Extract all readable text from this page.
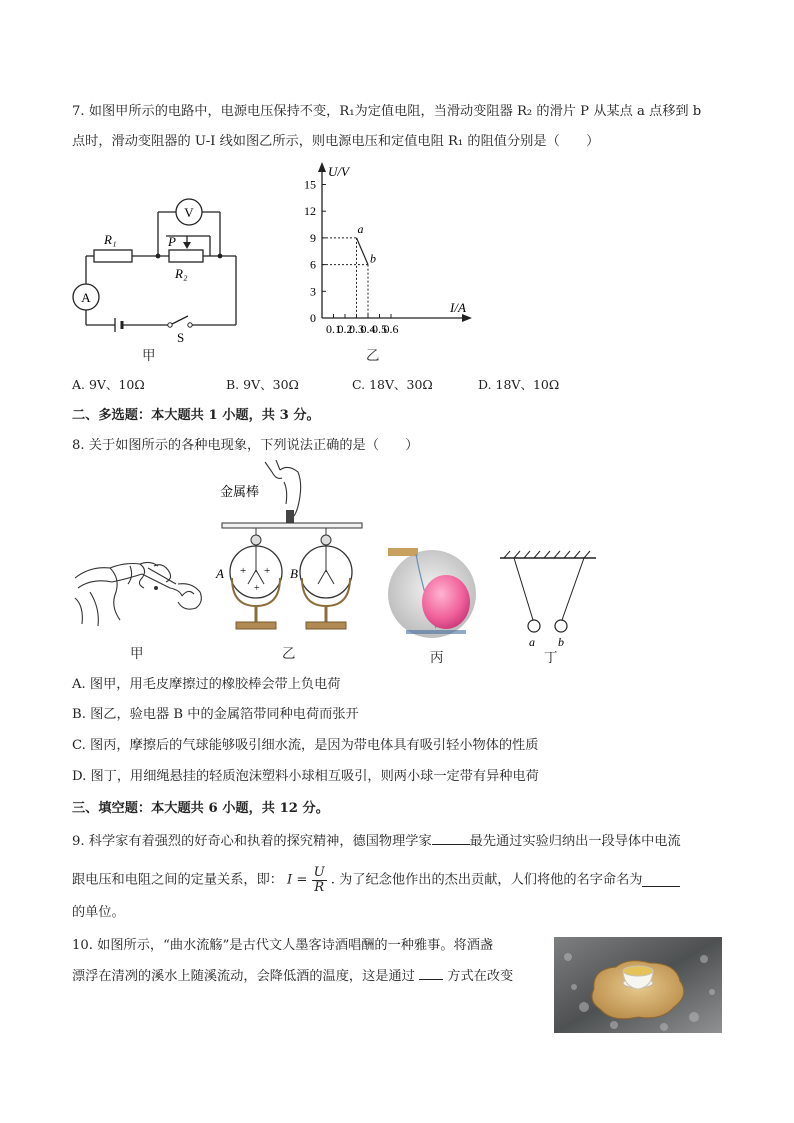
7. 如图甲所示的电路中，电源电压保持不变，R₁为定值电阻，当滑动变阻器 R₂ 的滑片 P 从某点 a 点移到 b
点时，滑动变阻器的 U-I 线如图乙所示，则电源电压和定值电阻 R₁ 的阻值分别是（　　）
V
A
R₁	P
R₂
S
甲
U/V
I/A
0
3
6
9
12
15
0.1
0.2
0.3
0.4
0.5
0.6
a
b
乙
A. 9V、10Ω	B. 9V、30Ω	C. 18V、30Ω	D. 18V、10Ω
二、多选题：本大题共 1 小题，共 3 分。
8. 关于如图所示的各种电现象，下列说法正确的是（　　）
甲
金属棒
+ +
+
A	B
乙	丙
a b
丁
A. 图甲，用毛皮摩擦过的橡胶棒会带上负电荷
B. 图乙，验电器 B 中的金属箔带同种电荷而张开
C. 图丙，摩擦后的气球能够吸引细水流，是因为带电体具有吸引轻小物体的性质
D. 图丁，用细绳悬挂的轻质泡沫塑料小球相互吸引，则两小球一定带有异种电荷
三、填空题：本大题共 6 小题，共 12 分。
9. 科学家有着强烈的好奇心和执着的探究精神，德国物理学家	最先通过实验归纳出一段导体中电流
跟电压和电阻之间的定量关系，即： $I = \frac{U}{R}$ . 为了纪念他作出的杰出贡献，人们将他的名字命名为
的单位。
10. 如图所示，“曲水流觞”是古代文人墨客诗酒唱酬的一种雅事。将酒盏
漂浮在清冽的溪水上随溪流动，会降低酒的温度，这是通过 方式在改变
